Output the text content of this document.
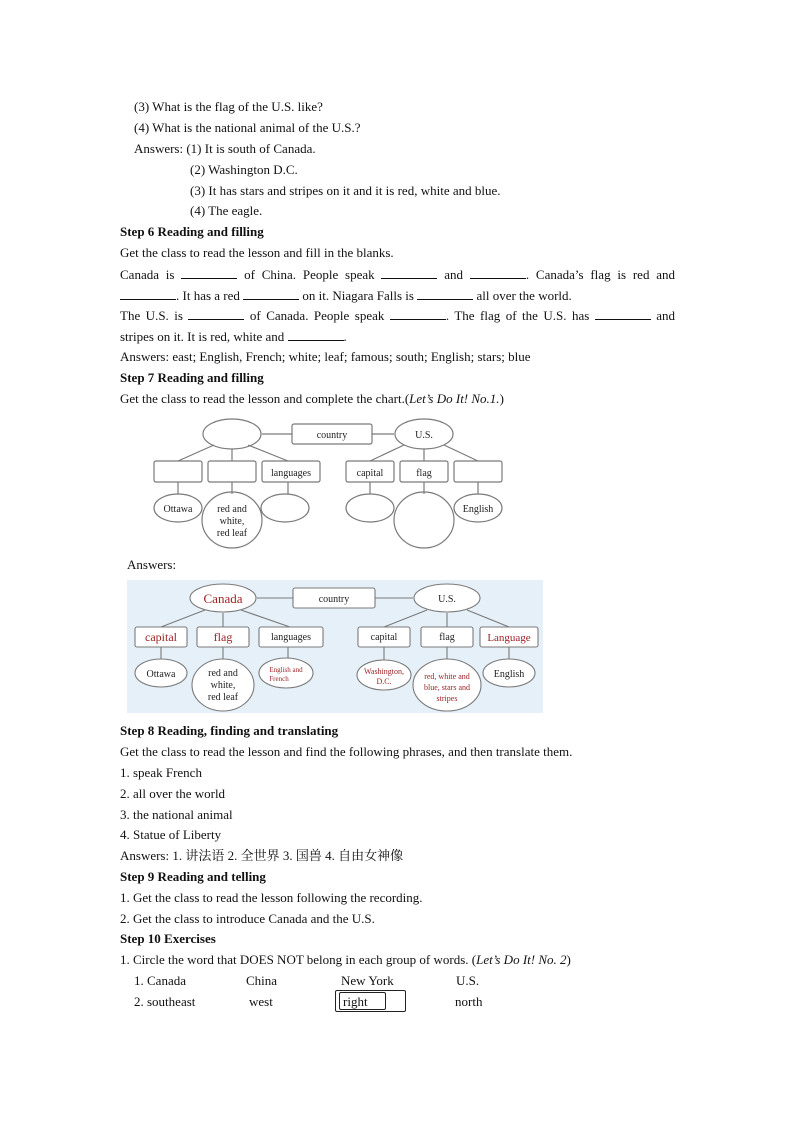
(3) What is the flag of the U.S. like?
(4) What is the national animal of the U.S.?
Answers: (1) It is south of Canada.
(2) Washington D.C.
(3) It has stars and stripes on it and it is red, white and blue.
(4) The eagle.
Step 6 Reading and filling
Get the class to read the lesson and fill in the blanks.
Canada is	of China. People speak	and	. Canada’s flag is red and
. It has a red	on it. Niagara Falls is	all over the world.
The U.S. is	of Canada. People speak	. The flag of the U.S. has	and
stripes on it. It is red, white and	.
Answers: east; English, French; white; leaf; famous; south; English; stars; blue
Step 7 Reading and filling
Get the class to read the lesson and complete the chart.(Let’s Do It! No.1.)
country	U.S.
languages	capital	flag
Ottawa red and
white,
red leaf
English
Answers:
Canada	country	U.S.
capital	flag	languages	capital	flag	Language
Ottawa	red and
white,
red leaf
English and
French
Washington,
D.C.
red, white and
blue, stars and
stripes
English
Step 8 Reading, finding and translating
Get the class to read the lesson and find the following phrases, and then translate them.
1. speak French
2. all over the world
3. the national animal
4. Statue of Liberty
Answers: 1. 讲法语 2. 全世界 3. 国兽 4. 自由女神像
Step 9 Reading and telling
1. Get the class to read the lesson following the recording.
2. Get the class to introduce Canada and the U.S.
Step 10 Exercises
1. Circle the word that DOES NOT belong in each group of words. (Let’s Do It! No. 2)
1. Canada	China	New York	U.S.
2. southeast	west	right	north
